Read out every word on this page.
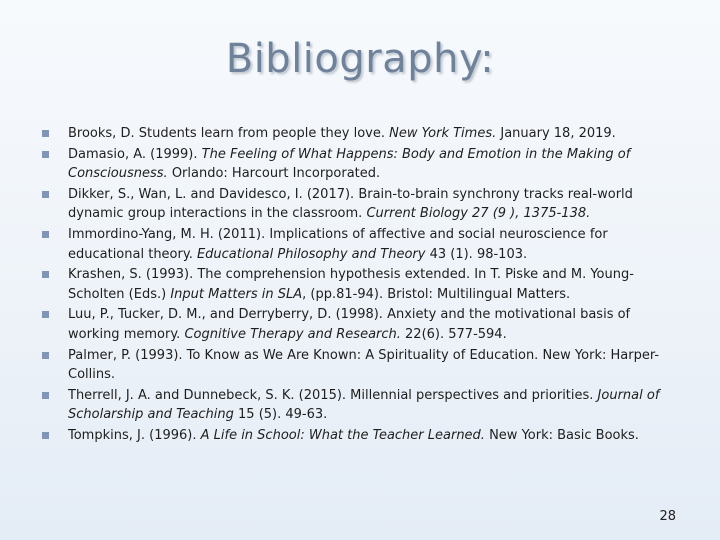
Bibliography:
Brooks, D. Students learn from people they love. New York Times. January 18, 2019.
Damasio, A. (1999). The Feeling of What Happens: Body and Emotion in the Making of Consciousness. Orlando: Harcourt Incorporated.
Dikker, S., Wan, L. and Davidesco, I. (2017). Brain-to-brain synchrony tracks real-world dynamic group interactions in the classroom. Current Biology 27 (9 ), 1375-138.
Immordino-Yang, M. H. (2011). Implications of affective and social neuroscience for educational theory. Educational Philosophy and Theory 43 (1). 98-103.
Krashen, S. (1993). The comprehension hypothesis extended. In T. Piske and M. Young-Scholten (Eds.) Input Matters in SLA, (pp.81-94). Bristol: Multilingual Matters.
Luu, P., Tucker, D. M., and Derryberry, D. (1998). Anxiety and the motivational basis of working memory. Cognitive Therapy and Research. 22(6). 577-594.
Palmer, P. (1993). To Know as We Are Known: A Spirituality of Education. New York: Harper-Collins.
Therrell, J. A. and Dunnebeck, S. K. (2015). Millennial perspectives and priorities. Journal of Scholarship and Teaching 15 (5). 49-63.
Tompkins, J. (1996). A Life in School: What the Teacher Learned. New York: Basic Books.
28
